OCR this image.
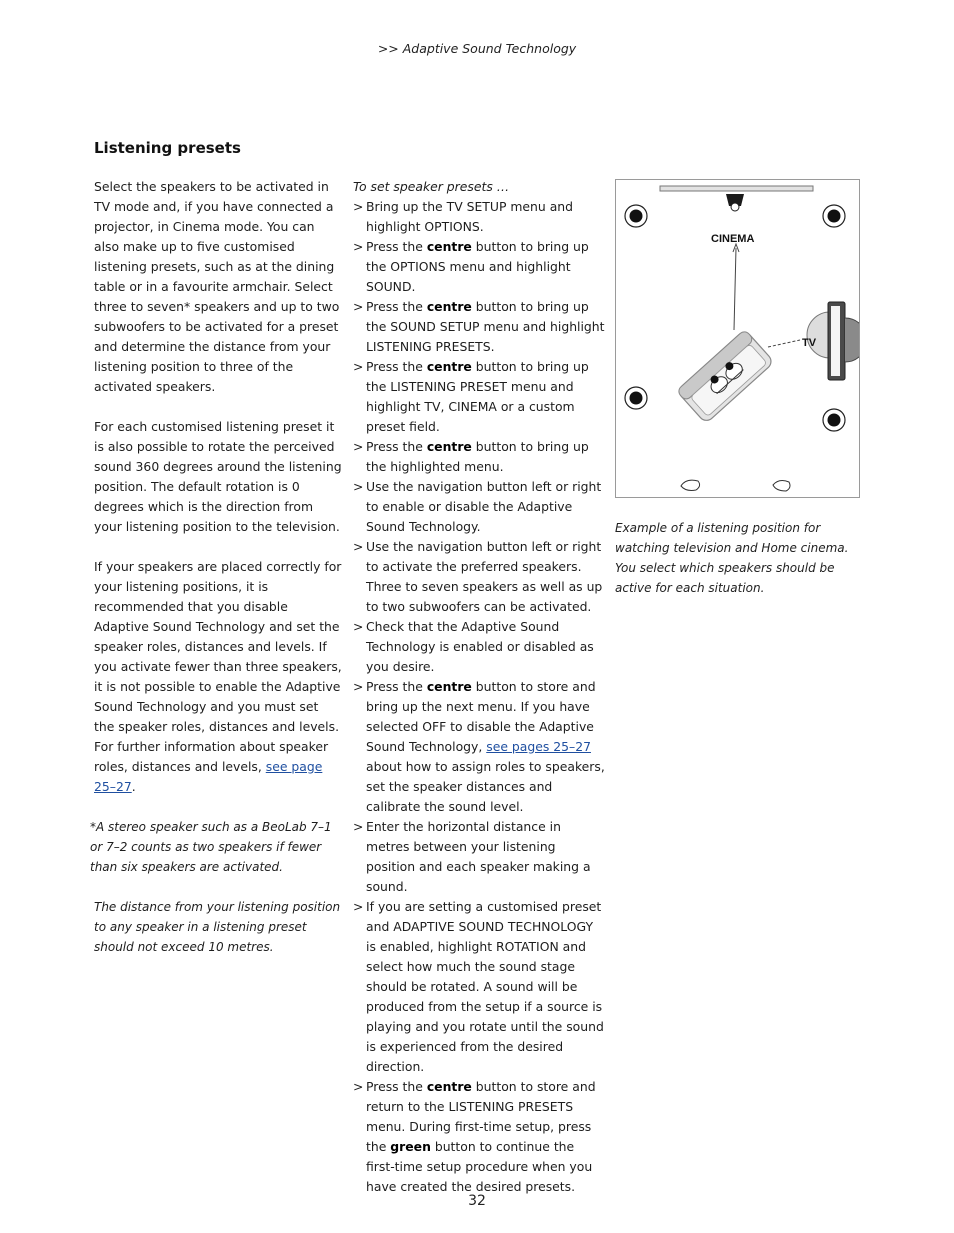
>> Adaptive Sound Technology
Listening presets

Select the speakers to be activated in TV mode and, if you have connected a projector, in Cinema mode. You can also make up to five customised listening presets, such as at the dining table or in a favourite armchair. Select three to seven* speakers and up to two subwoofers to be activated for a preset and determine the distance from your listening position to three of the activated speakers.

For each customised listening preset it is also possible to rotate the perceived sound 360 degrees around the listening position. The default rotation is 0 degrees which is the direction from your listening position to the television.

If your speakers are placed correctly for your listening positions, it is recommended that you disable Adaptive Sound Technology and set the speaker roles, distances and levels. If you activate fewer than three speakers, it is not possible to enable the Adaptive Sound Technology and you must set the speaker roles, distances and levels. For further information about speaker roles, distances and levels, see page 25–27.

*A stereo speaker such as a BeoLab 7–1 or 7–2 counts as two speakers if fewer than six speakers are activated.

The distance from your listening position to any speaker in a listening preset should not exceed 10 metres.

To set speaker presets …

> Bring up the TV SETUP menu and highlight OPTIONS.
> Press the centre button to bring up the OPTIONS menu and highlight SOUND.
> Press the centre button to bring up the SOUND SETUP menu and highlight LISTENING PRESETS.
> Press the centre button to bring up the LISTENING PRESET menu and highlight TV, CINEMA or a custom preset field.
> Press the centre button to bring up the highlighted menu.
> Use the navigation button left or right to enable or disable the Adaptive Sound Technology.
> Use the navigation button left or right to activate the preferred speakers. Three to seven speakers as well as up to two subwoofers can be activated.
> Check that the Adaptive Sound Technology is enabled or disabled as you desire.
> Press the centre button to store and bring up the next menu. If you have selected OFF to disable the Adaptive Sound Technology, see pages 25–27 about how to assign roles to speakers, set the speaker distances and calibrate the sound level.
> Enter the horizontal distance in metres between your listening position and each speaker making a sound.
> If you are setting a customised preset and ADAPTIVE SOUND TECHNOLOGY is enabled, highlight ROTATION and select how much the sound stage should be rotated. A sound will be produced from the setup if a source is playing and you rotate until the sound is experienced from the desired direction.
> Press the centre button to store and return to the LISTENING PRESETS menu. During first-time setup, press the green button to continue the first-time setup procedure when you have created the desired presets.
CINEMA
TV

Example of a listening position for watching television and Home cinema. You select which speakers should be active for each situation.

32
